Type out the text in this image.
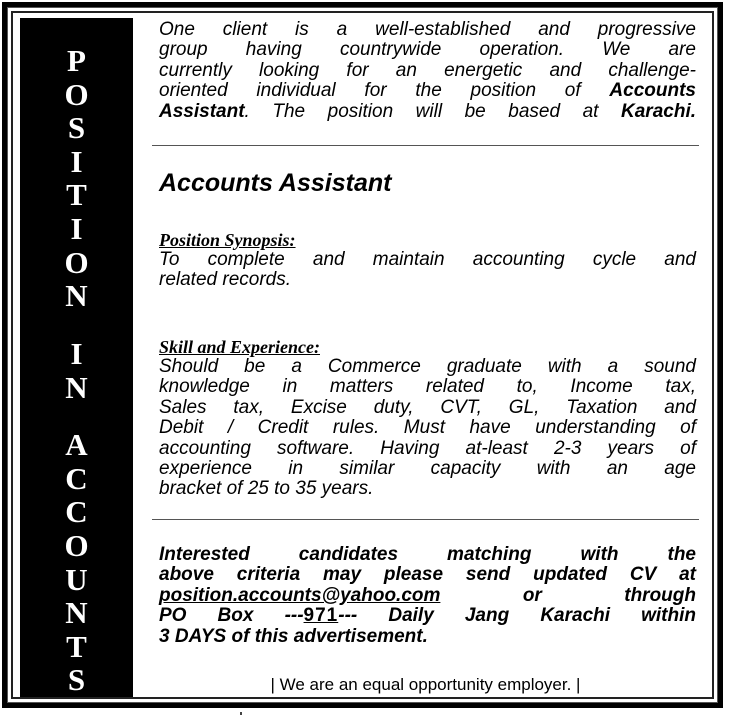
P
O
S
I
T
I
O
N
I
N
A
C
C
O
U
N
T
S
One client is a well-established and progressive
group having countrywide operation. We are
currently looking for an energetic and challenge-
oriented individual for the position of Accounts
Assistant. The position will be based at Karachi.
Accounts Assistant
Position Synopsis:
To complete and maintain accounting cycle and
related records.
Skill and Experience:
Should be a Commerce graduate with a sound
knowledge in matters related to, Income tax,
Sales tax, Excise duty, CVT, GL, Taxation and
Debit / Credit rules. Must have understanding of
accounting software. Having at-least 2-3 years of
experience in similar capacity with an age
bracket of 25 to 35 years.
Interested candidates matching with the
above criteria may please send updated CV at
position.accounts@yahoo.com	or	through
PO Box ---971--- Daily Jang Karachi within
3 DAYS of this advertisement.
| We are an equal opportunity employer. |
